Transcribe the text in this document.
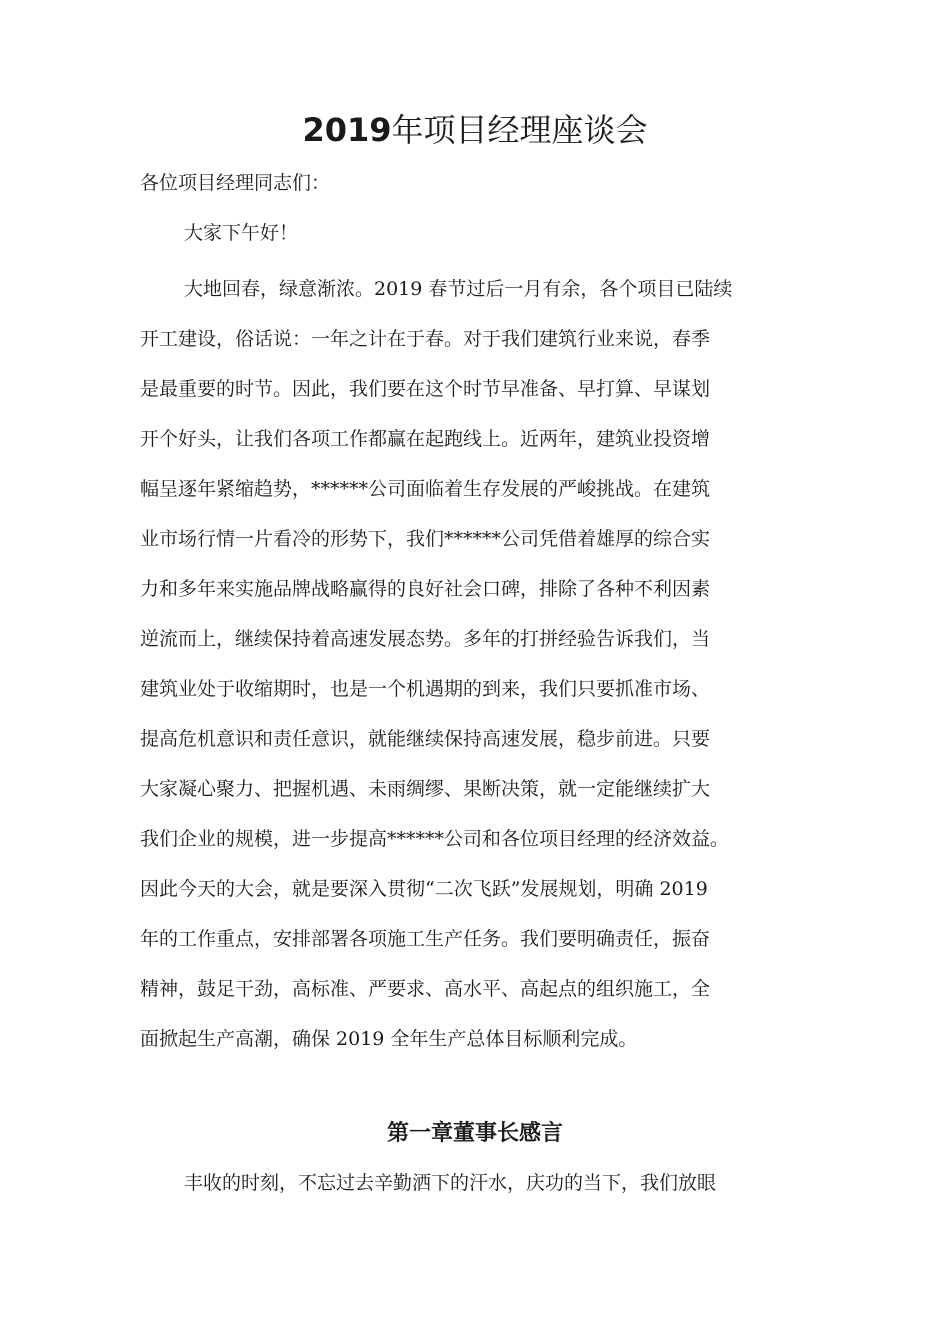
2019年项目经理座谈会

各位项目经理同志们：

大家下午好！

大地回春，绿意渐浓。2019 春节过后一月有余，各个项目已陆续
开工建设，俗话说：一年之计在于春。对于我们建筑行业来说，春季
是最重要的时节。因此，我们要在这个时节早准备、早打算、早谋划
开个好头，让我们各项工作都赢在起跑线上。近两年，建筑业投资增
幅呈逐年紧缩趋势，******公司面临着生存发展的严峻挑战。在建筑
业市场行情一片看冷的形势下，我们******公司凭借着雄厚的综合实
力和多年来实施品牌战略赢得的良好社会口碑，排除了各种不利因素
逆流而上，继续保持着高速发展态势。多年的打拼经验告诉我们，当
建筑业处于收缩期时，也是一个机遇期的到来，我们只要抓准市场、
提高危机意识和责任意识，就能继续保持高速发展，稳步前进。只要
大家凝心聚力、把握机遇、未雨绸缪、果断决策，就一定能继续扩大
我们企业的规模，进一步提高******公司和各位项目经理的经济效益。
因此今天的大会，就是要深入贯彻“二次飞跃”发展规划，明确 2019
年的工作重点，安排部署各项施工生产任务。我们要明确责任，振奋
精神，鼓足干劲，高标准、严要求、高水平、高起点的组织施工，全
面掀起生产高潮，确保 2019 全年生产总体目标顺利完成。
第一章董事长感言

丰收的时刻，不忘过去辛勤洒下的汗水，庆功的当下，我们放眼
